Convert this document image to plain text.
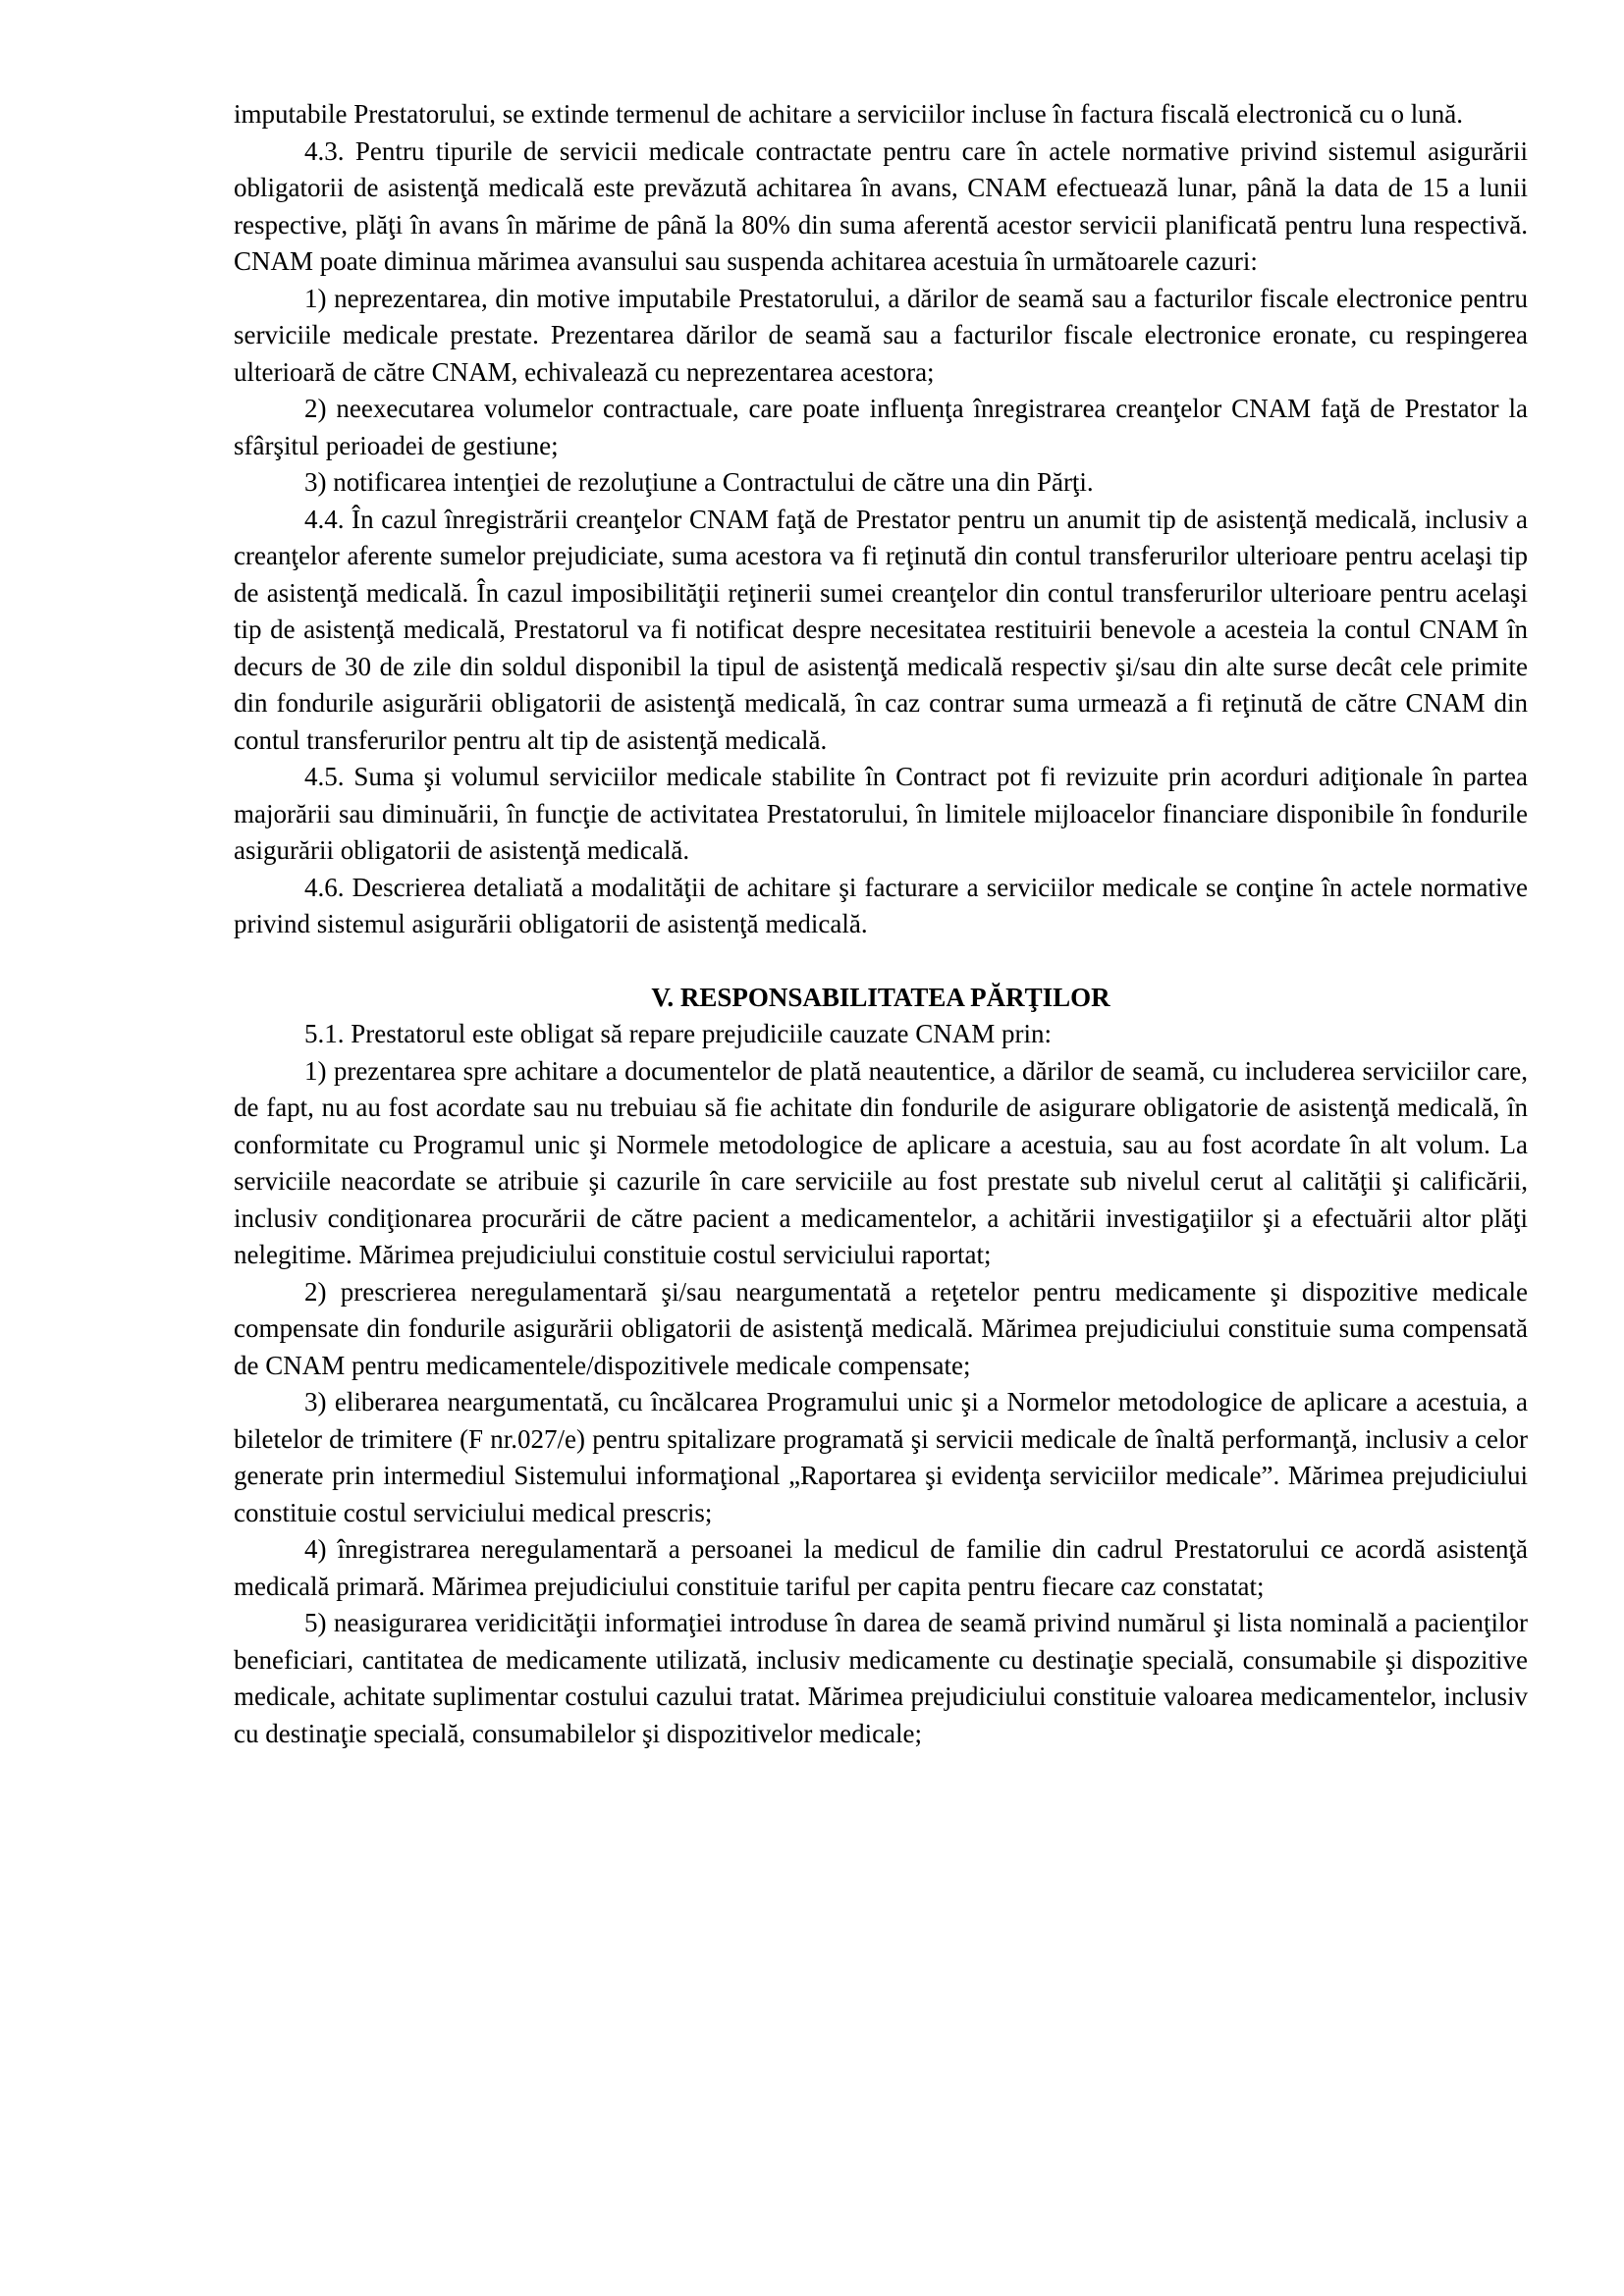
imputabile Prestatorului, se extinde termenul de achitare a serviciilor incluse în factura fiscală electronică cu o lună.

4.3. Pentru tipurile de servicii medicale contractate pentru care în actele normative privind sistemul asigurării obligatorii de asistenţă medicală este prevăzută achitarea în avans, CNAM efectuează lunar, până la data de 15 a lunii respective, plăţi în avans în mărime de până la 80% din suma aferentă acestor servicii planificată pentru luna respectivă. CNAM poate diminua mărimea avansului sau suspenda achitarea acestuia în următoarele cazuri:

1) neprezentarea, din motive imputabile Prestatorului, a dărilor de seamă sau a facturilor fiscale electronice pentru serviciile medicale prestate. Prezentarea dărilor de seamă sau a facturilor fiscale electronice eronate, cu respingerea ulterioară de către CNAM, echivalează cu neprezentarea acestora;

2) neexecutarea volumelor contractuale, care poate influenţa înregistrarea creanţelor CNAM faţă de Prestator la sfârşitul perioadei de gestiune;

3) notificarea intenţiei de rezoluţiune a Contractului de către una din Părţi.

4.4. În cazul înregistrării creanţelor CNAM faţă de Prestator pentru un anumit tip de asistenţă medicală, inclusiv a creanţelor aferente sumelor prejudiciate, suma acestora va fi reţinută din contul transferurilor ulterioare pentru acelaşi tip de asistenţă medicală. În cazul imposibilităţii reţinerii sumei creanţelor din contul transferurilor ulterioare pentru acelaşi tip de asistenţă medicală, Prestatorul va fi notificat despre necesitatea restituirii benevole a acesteia la contul CNAM în decurs de 30 de zile din soldul disponibil la tipul de asistenţă medicală respectiv şi/sau din alte surse decât cele primite din fondurile asigurării obligatorii de asistenţă medicală, în caz contrar suma urmează a fi reţinută de către CNAM din contul transferurilor pentru alt tip de asistenţă medicală.

4.5. Suma şi volumul serviciilor medicale stabilite în Contract pot fi revizuite prin acorduri adiţionale în partea majorării sau diminuării, în funcţie de activitatea Prestatorului, în limitele mijloacelor financiare disponibile în fondurile asigurării obligatorii de asistenţă medicală.

4.6. Descrierea detaliată a modalităţii de achitare şi facturare a serviciilor medicale se conţine în actele normative privind sistemul asigurării obligatorii de asistenţă medicală.

V. RESPONSABILITATEA PĂRŢILOR

5.1. Prestatorul este obligat să repare prejudiciile cauzate CNAM prin:

1) prezentarea spre achitare a documentelor de plată neautentice, a dărilor de seamă, cu includerea serviciilor care, de fapt, nu au fost acordate sau nu trebuiau să fie achitate din fondurile de asigurare obligatorie de asistenţă medicală, în conformitate cu Programul unic şi Normele metodologice de aplicare a acestuia, sau au fost acordate în alt volum. La serviciile neacordate se atribuie şi cazurile în care serviciile au fost prestate sub nivelul cerut al calităţii şi calificării, inclusiv condiţionarea procurării de către pacient a medicamentelor, a achitării investigaţiilor şi a efectuării altor plăţi nelegitime. Mărimea prejudiciului constituie costul serviciului raportat;

2) prescrierea neregulamentară şi/sau neargumentată a reţetelor pentru medicamente şi dispozitive medicale compensate din fondurile asigurării obligatorii de asistenţă medicală. Mărimea prejudiciului constituie suma compensată de CNAM pentru medicamentele/dispozitivele medicale compensate;

3) eliberarea neargumentată, cu încălcarea Programului unic şi a Normelor metodologice de aplicare a acestuia, a biletelor de trimitere (F nr.027/e) pentru spitalizare programată şi servicii medicale de înaltă performanţă, inclusiv a celor generate prin intermediul Sistemului informaţional „Raportarea şi evidenţa serviciilor medicale”. Mărimea prejudiciului constituie costul serviciului medical prescris;

4) înregistrarea neregulamentară a persoanei la medicul de familie din cadrul Prestatorului ce acordă asistenţă medicală primară. Mărimea prejudiciului constituie tariful per capita pentru fiecare caz constatat;

5) neasigurarea veridicităţii informaţiei introduse în darea de seamă privind numărul şi lista nominală a pacienţilor beneficiari, cantitatea de medicamente utilizată, inclusiv medicamente cu destinaţie specială, consumabile şi dispozitive medicale, achitate suplimentar costului cazului tratat. Mărimea prejudiciului constituie valoarea medicamentelor, inclusiv cu destinaţie specială, consumabilelor şi dispozitivelor medicale;
